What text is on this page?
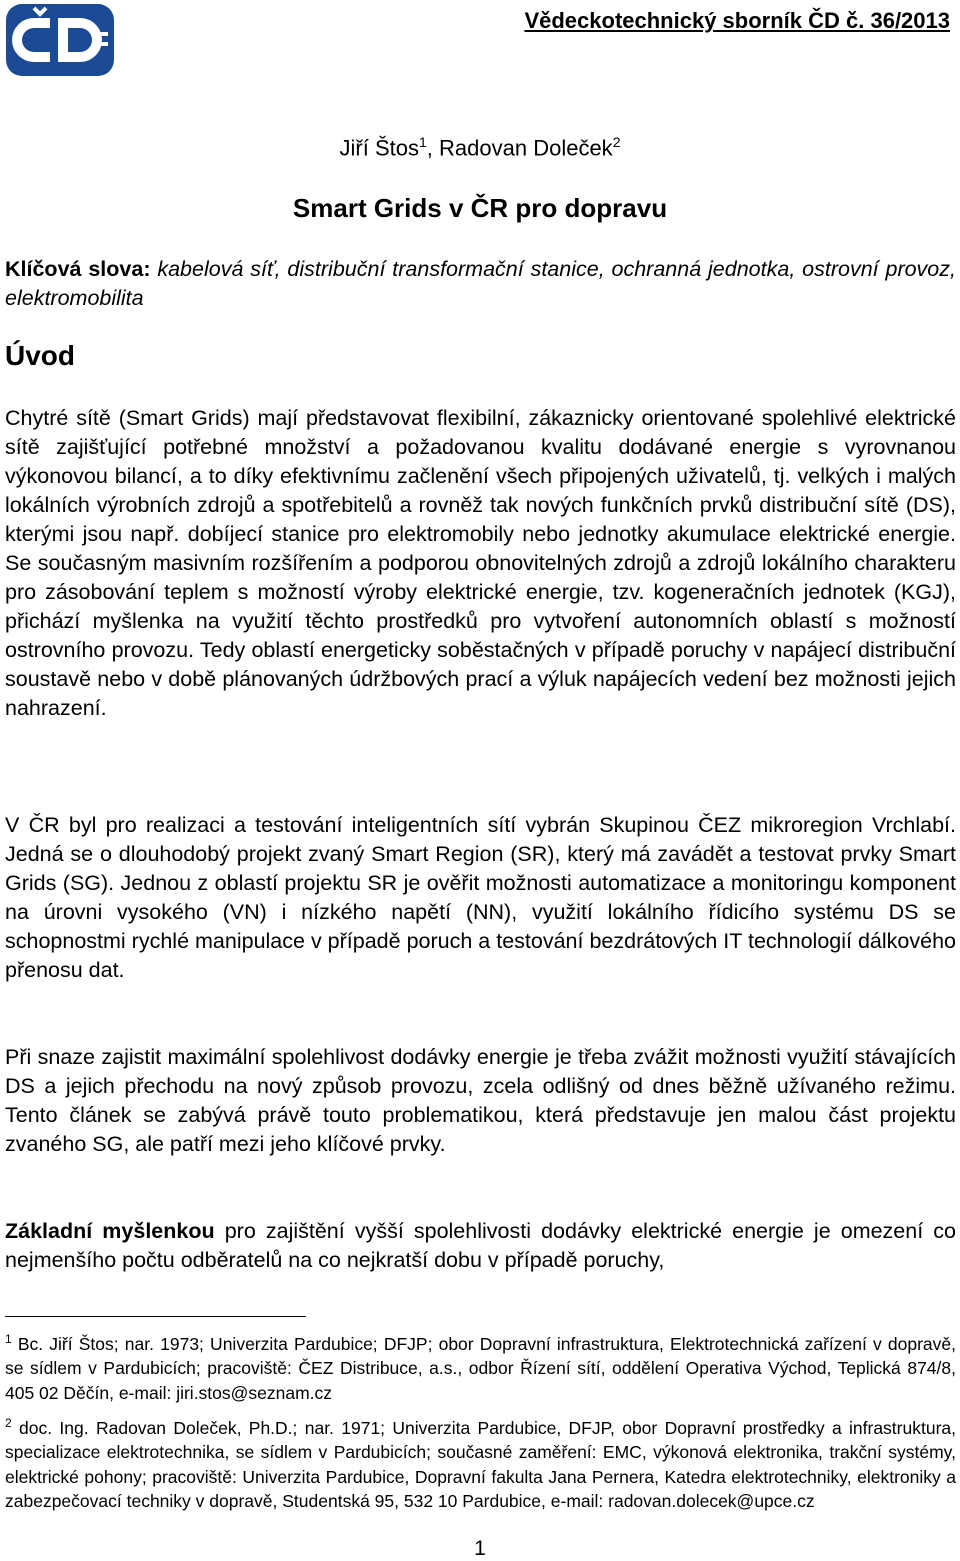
Vědeckotechnický sborník ČD č. 36/2013
Jiří Štos$^1$, Radovan Doleček$^2$
Smart Grids v ČR pro dopravu
Klíčová slova: kabelová síť, distribuční transformační stanice, ochranná jednotka, ostrovní provoz, elektromobilita
Úvod

Chytré sítě (Smart Grids) mají představovat flexibilní, zákaznicky orientované spolehlivé elektrické sítě zajišťující potřebné množství a požadovanou kvalitu dodávané energie s vyrovnanou výkonovou bilancí, a to díky efektivnímu začlenění všech připojených uživatelů, tj. velkých i malých lokálních výrobních zdrojů a spotřebitelů a rovněž tak nových funkčních prvků distribuční sítě (DS), kterými jsou např. dobíjecí stanice pro elektromobily nebo jednotky akumulace elektrické energie. Se současným masivním rozšířením a podporou obnovitelných zdrojů a zdrojů lokálního charakteru pro zásobování teplem s možností výroby elektrické energie, tzv. kogeneračních jednotek (KGJ), přichází myšlenka na využití těchto prostředků pro vytvoření autonomních oblastí s možností ostrovního provozu. Tedy oblastí energeticky soběstačných v případě poruchy v napájecí distribuční soustavě nebo v době plánovaných údržbových prací a výluk napájecích vedení bez možnosti jejich nahrazení.

V ČR byl pro realizaci a testování inteligentních sítí vybrán Skupinou ČEZ mikroregion Vrchlabí. Jedná se o dlouhodobý projekt zvaný Smart Region (SR), který má zavádět a testovat prvky Smart Grids (SG). Jednou z oblastí projektu SR je ověřit možnosti automatizace a monitoringu komponent na úrovni vysokého (VN) i nízkého napětí (NN), využití lokálního řídicího systému DS se schopnostmi rychlé manipulace v případě poruch a testování bezdrátových IT technologií dálkového přenosu dat.

Při snaze zajistit maximální spolehlivost dodávky energie je třeba zvážit možnosti využití stávajících DS a jejich přechodu na nový způsob provozu, zcela odlišný od dnes běžně užívaného režimu. Tento článek se zabývá právě touto problematikou, která představuje jen malou část projektu zvaného SG, ale patří mezi jeho klíčové prvky.

Základní myšlenkou pro zajištění vyšší spolehlivosti dodávky elektrické energie je omezení co nejmenšího počtu odběratelů na co nejkratší dobu v případě poruchy,

$^1$ Bc. Jiří Štos; nar. 1973; Univerzita Pardubice; DFJP; obor Dopravní infrastruktura, Elektrotechnická zařízení v dopravě, se sídlem v Pardubicích; pracoviště: ČEZ Distribuce, a.s., odbor Řízení sítí, oddělení Operativa Východ, Teplická 874/8, 405 02 Děčín, e-mail: jiri.stos@seznam.cz

$^2$ doc. Ing. Radovan Doleček, Ph.D.; nar. 1971; Univerzita Pardubice, DFJP, obor Dopravní prostředky a infrastruktura, specializace elektrotechnika, se sídlem v Pardubicích; současné zaměření: EMC, výkonová elektronika, trakční systémy, elektrické pohony; pracoviště: Univerzita Pardubice, Dopravní fakulta Jana Pernera, Katedra elektrotechniky, elektroniky a zabezpečovací techniky v dopravě, Studentská 95, 532 10 Pardubice, e-mail: radovan.dolecek@upce.cz

1
